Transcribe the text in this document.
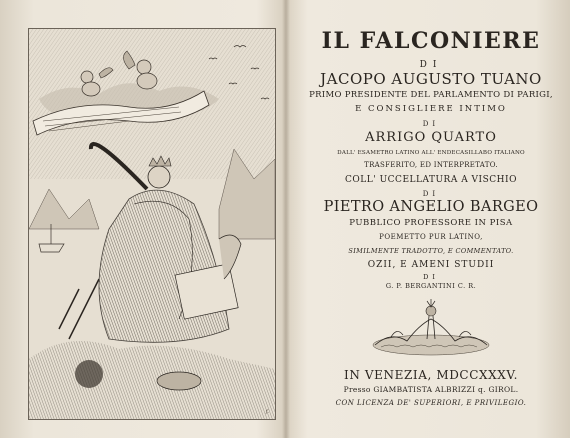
f.
IL FALCONIERE
DI
JACOPO AUGUSTO TUANO
PRIMO PRESIDENTE DEL PARLAMENTO DI PARIGI,
E CONSIGLIERE INTIMO
DI
ARRIGO QUARTO
DALL' ESAMETRO LATINO ALL' ENDECASILLABO ITALIANO
TRASFERITO, ED INTERPRETATO.
COLL' UCCELLATURA A VISCHIO
DI
PIETRO ANGELIO BARGEO
PUBBLICO PROFESSORE IN PISA
POEMETTO PUR LATINO,
SIMILMENTE TRADOTTO, E COMMENTATO.
OZII, E AMENI STUDII
DI
G. P. BERGANTINI C. R.
IN VENEZIA, MDCCXXXV.
Presso GIAMBATISTA ALBRIZZI q. GIROL.
CON LICENZA DE' SUPERIORI, E PRIVILEGIO.
